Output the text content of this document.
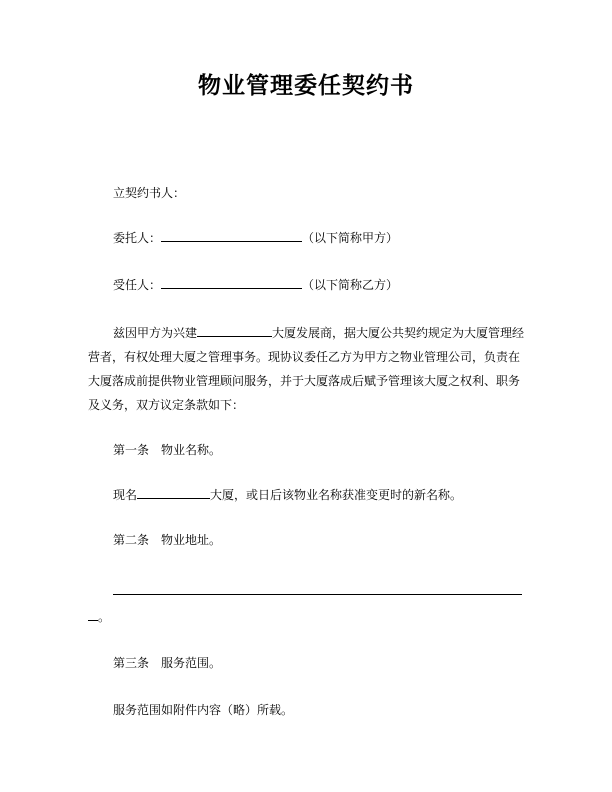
物业管理委任契约书
立契约书人：
委托人：	（以下简称甲方）
受任人：	（以下简称乙方）
兹因甲方为兴建	大厦发展商，据大厦公共契约规定为大厦管理经
营者，有权处理大厦之管理事务。现协议委任乙方为甲方之物业管理公司，负责在
大厦落成前提供物业管理顾问服务，并于大厦落成后赋予管理该大厦之权利、职务
及义务，双方议定条款如下：
第一条　物业名称。
现名	大厦，或日后该物业名称获准变更时的新名称。
第二条　物业地址。
。
第三条　服务范围。
服务范围如附件内容（略）所载。
